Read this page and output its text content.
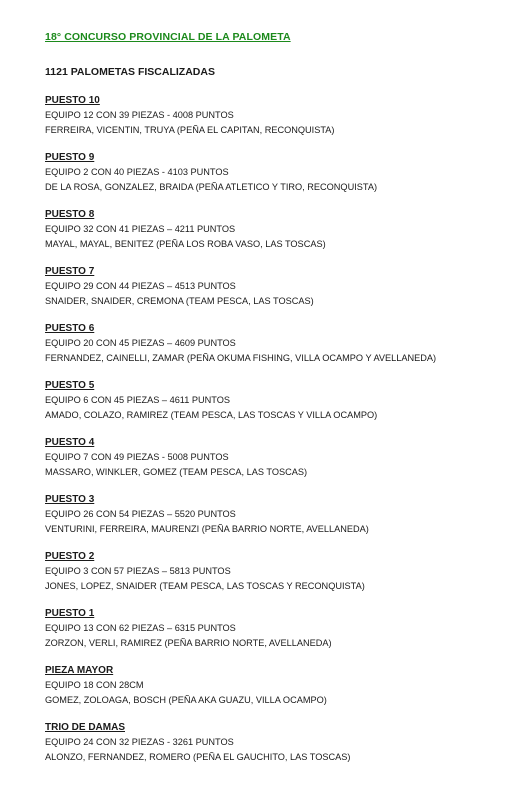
18° CONCURSO PROVINCIAL DE LA PALOMETA
1121 PALOMETAS FISCALIZADAS
PUESTO 10
EQUIPO 12 CON 39 PIEZAS - 4008 PUNTOS
FERREIRA, VICENTIN, TRUYA (PEÑA EL CAPITAN, RECONQUISTA)
PUESTO 9
EQUIPO 2 CON 40 PIEZAS - 4103 PUNTOS
DE LA ROSA, GONZALEZ, BRAIDA (PEÑA ATLETICO Y TIRO, RECONQUISTA)
PUESTO 8
EQUIPO 32 CON 41 PIEZAS – 4211 PUNTOS
MAYAL, MAYAL, BENITEZ (PEÑA LOS ROBA VASO, LAS TOSCAS)
PUESTO 7
EQUIPO 29 CON 44 PIEZAS – 4513 PUNTOS
SNAIDER, SNAIDER, CREMONA (TEAM PESCA, LAS TOSCAS)
PUESTO 6
EQUIPO 20 CON 45 PIEZAS – 4609 PUNTOS
FERNANDEZ, CAINELLI, ZAMAR (PEÑA OKUMA FISHING, VILLA OCAMPO Y AVELLANEDA)
PUESTO 5
EQUIPO 6 CON 45 PIEZAS – 4611 PUNTOS
AMADO, COLAZO, RAMIREZ (TEAM PESCA, LAS TOSCAS Y VILLA OCAMPO)
PUESTO 4
EQUIPO 7 CON 49 PIEZAS - 5008 PUNTOS
MASSARO, WINKLER, GOMEZ (TEAM PESCA, LAS TOSCAS)
PUESTO 3
EQUIPO 26 CON 54 PIEZAS – 5520 PUNTOS
VENTURINI, FERREIRA, MAURENZI (PEÑA BARRIO NORTE, AVELLANEDA)
PUESTO 2
EQUIPO 3 CON 57 PIEZAS – 5813 PUNTOS
JONES, LOPEZ, SNAIDER (TEAM PESCA, LAS TOSCAS Y RECONQUISTA)
PUESTO 1
EQUIPO 13 CON 62 PIEZAS – 6315 PUNTOS
ZORZON, VERLI, RAMIREZ (PEÑA BARRIO NORTE, AVELLANEDA)
PIEZA MAYOR
EQUIPO 18 CON 28CM
GOMEZ, ZOLOAGA, BOSCH (PEÑA AKA GUAZU, VILLA OCAMPO)
TRIO DE DAMAS
EQUIPO 24 CON 32 PIEZAS - 3261 PUNTOS
ALONZO, FERNANDEZ, ROMERO (PEÑA EL GAUCHITO, LAS TOSCAS)
